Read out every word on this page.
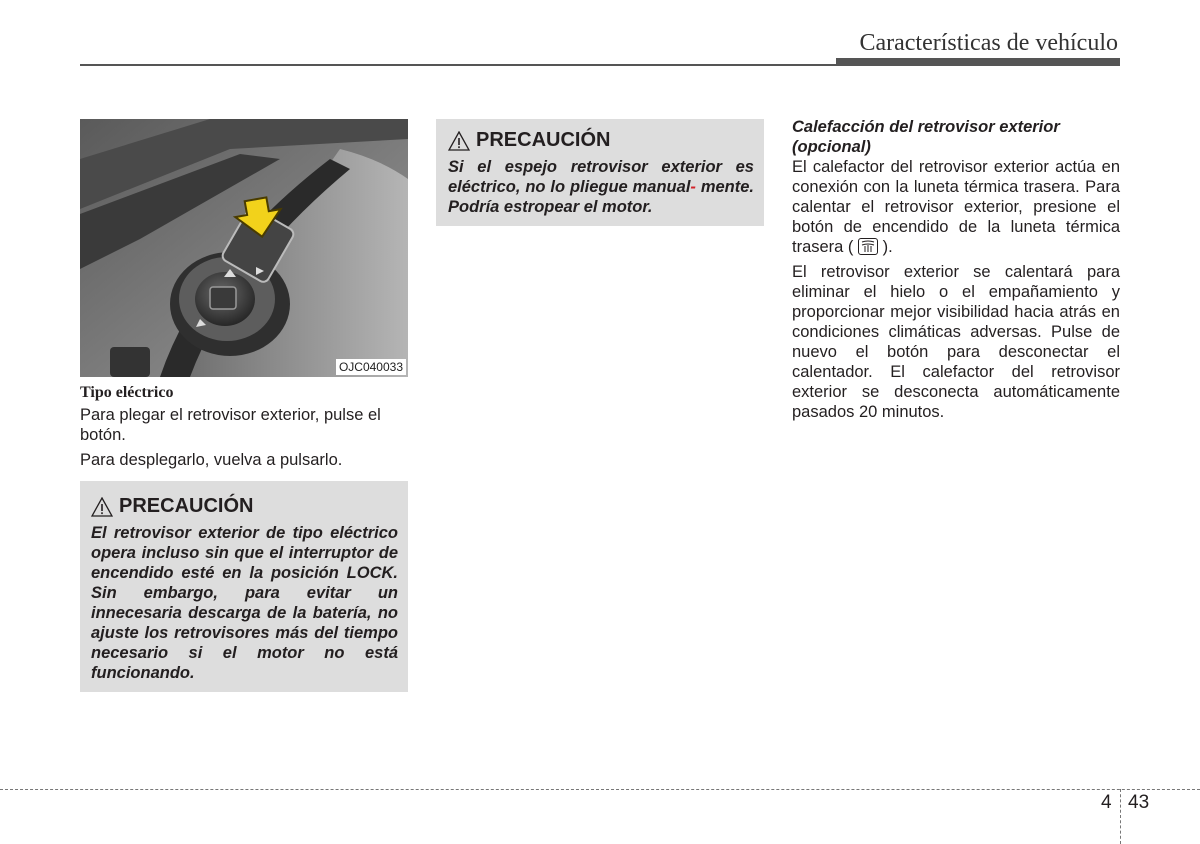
Características de vehículo
OJC040033
Tipo eléctrico

Para plegar el retrovisor exterior, pulse el botón.

Para desplegarlo, vuelva a pulsarlo.

PRECAUCIÓN

El retrovisor exterior de tipo eléctrico opera incluso sin que el interruptor de encendido esté en la posición LOCK. Sin embargo, para evitar un innecesaria descarga de la batería, no ajuste los retrovisores más del tiempo necesario si el motor no está funcionando.

PRECAUCIÓN

Si el espejo retrovisor exterior es eléctrico, no lo pliegue manual- mente. Podría estropear el motor.

Calefacción del retrovisor exterior (opcional)

El calefactor del retrovisor exterior actúa en conexión con la luneta térmica trasera. Para calentar el retrovisor exterior, presione el botón de encendido de la luneta térmica trasera ( ).

El retrovisor exterior se calentará para eliminar el hielo o el empañamiento y proporcionar mejor visibilidad hacia atrás en condiciones climáticas adversas. Pulse de nuevo el botón para desconectar el calentador. El calefactor del retrovisor exterior se desconecta automáticamente pasados 20 minutos.

4 43
